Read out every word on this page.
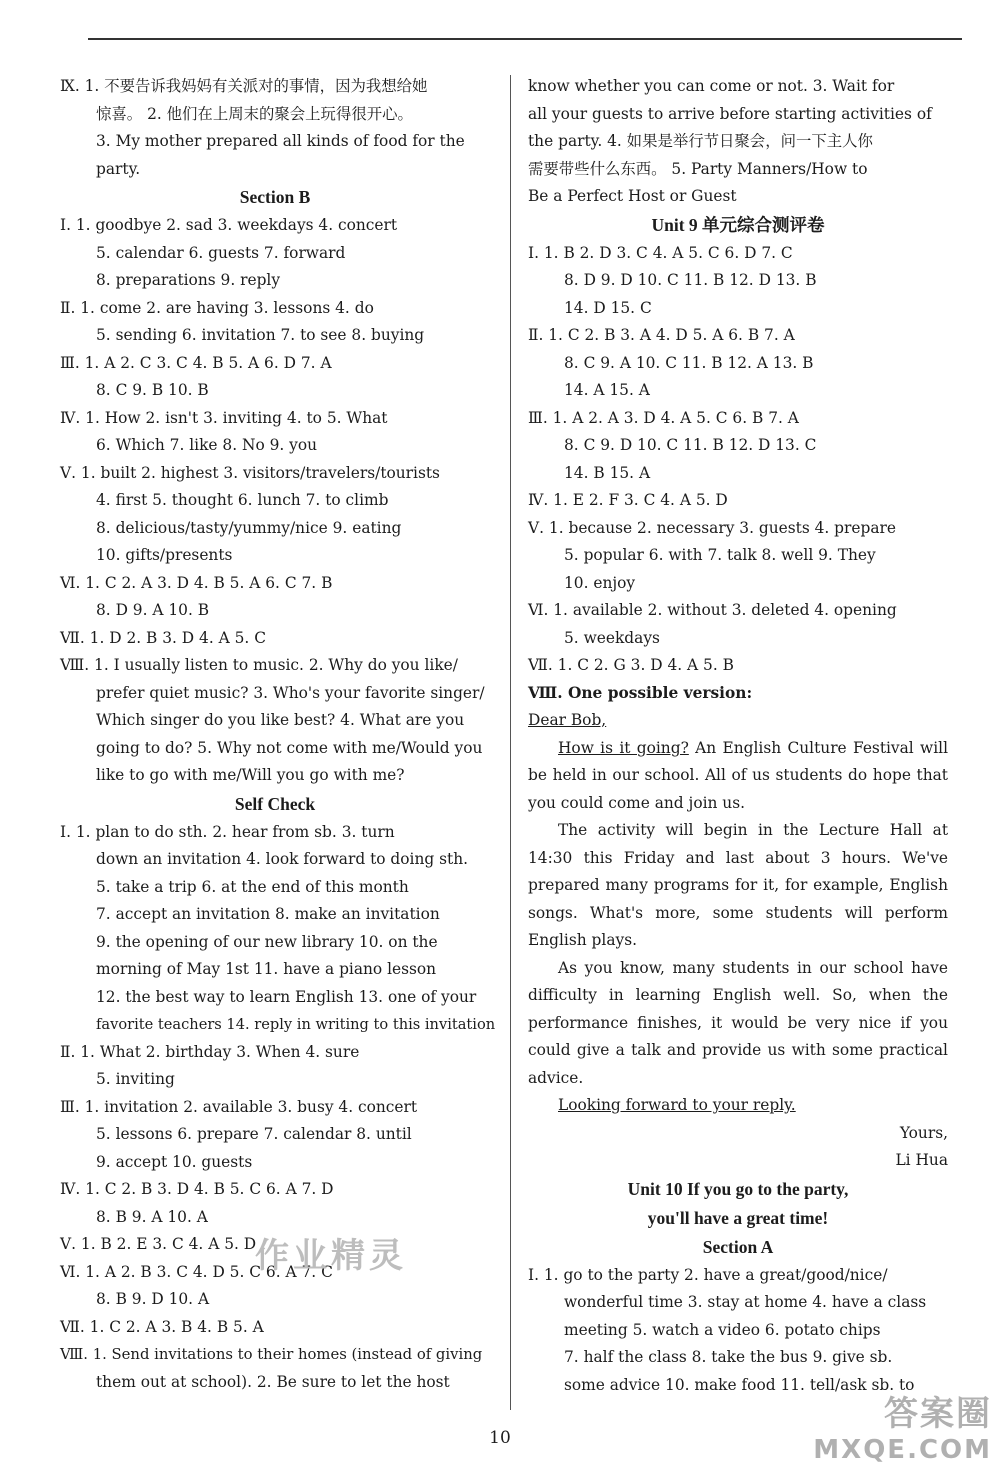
Ⅸ. 1. 不要告诉我妈妈有关派对的事情，因为我想给她
惊喜。 2. 他们在上周末的聚会上玩得很开心。
3. My mother prepared all kinds of food for the
party.
Section B
Ⅰ. 1. goodbye 2. sad 3. weekdays 4. concert
5. calendar 6. guests 7. forward
8. preparations 9. reply
Ⅱ. 1. come 2. are having 3. lessons 4. do
5. sending 6. invitation 7. to see 8. buying
Ⅲ. 1. A 2. C 3. C 4. B 5. A 6. D 7. A
8. C 9. B 10. B
Ⅳ. 1. How 2. isn't 3. inviting 4. to 5. What
6. Which 7. like 8. No 9. you
Ⅴ. 1. built 2. highest 3. visitors/travelers/tourists
4. first 5. thought 6. lunch 7. to climb
8. delicious/tasty/yummy/nice 9. eating
10. gifts/presents
Ⅵ. 1. C 2. A 3. D 4. B 5. A 6. C 7. B
8. D 9. A 10. B
Ⅶ. 1. D 2. B 3. D 4. A 5. C
Ⅷ. 1. I usually listen to music. 2. Why do you like/
prefer quiet music? 3. Who's your favorite singer/
Which singer do you like best? 4. What are you
going to do? 5. Why not come with me/Would you
like to go with me/Will you go with me?
Self Check
Ⅰ. 1. plan to do sth. 2. hear from sb. 3. turn
down an invitation 4. look forward to doing sth.
5. take a trip 6. at the end of this month
7. accept an invitation 8. make an invitation
9. the opening of our new library 10. on the
morning of May 1st 11. have a piano lesson
12. the best way to learn English 13. one of your
favorite teachers 14. reply in writing to this invitation
Ⅱ. 1. What 2. birthday 3. When 4. sure
5. inviting
Ⅲ. 1. invitation 2. available 3. busy 4. concert
5. lessons 6. prepare 7. calendar 8. until
9. accept 10. guests
Ⅳ. 1. C 2. B 3. D 4. B 5. C 6. A 7. D
8. B 9. A 10. A
Ⅴ. 1. B 2. E 3. C 4. A 5. D
Ⅵ. 1. A 2. B 3. C 4. D 5. C 6. A 7. C
8. B 9. D 10. A
Ⅶ. 1. C 2. A 3. B 4. B 5. A
Ⅷ. 1. Send invitations to their homes (instead of giving
them out at school). 2. Be sure to let the host
know whether you can come or not. 3. Wait for
all your guests to arrive before starting activities of
the party. 4. 如果是举行节日聚会，问一下主人你
需要带些什么东西。 5. Party Manners/How to
Be a Perfect Host or Guest
Unit 9 单元综合测评卷
Ⅰ. 1. B 2. D 3. C 4. A 5. C 6. D 7. C
8. D 9. D 10. C 11. B 12. D 13. B
14. D 15. C
Ⅱ. 1. C 2. B 3. A 4. D 5. A 6. B 7. A
8. C 9. A 10. C 11. B 12. A 13. B
14. A 15. A
Ⅲ. 1. A 2. A 3. D 4. A 5. C 6. B 7. A
8. C 9. D 10. C 11. B 12. D 13. C
14. B 15. A
Ⅳ. 1. E 2. F 3. C 4. A 5. D
Ⅴ. 1. because 2. necessary 3. guests 4. prepare
5. popular 6. with 7. talk 8. well 9. They
10. enjoy
Ⅵ. 1. available 2. without 3. deleted 4. opening
5. weekdays
Ⅶ. 1. C 2. G 3. D 4. A 5. B
Ⅷ. One possible version:
Dear Bob,
How is it going? An English Culture Festival will be held in our school. All of us students do hope that you could come and join us.
The activity will begin in the Lecture Hall at 14:30 this Friday and last about 3 hours. We've prepared many programs for it, for example, English songs. What's more, some students will perform English plays.
As you know, many students in our school have difficulty in learning English well. So, when the performance finishes, it would be very nice if you could give a talk and provide us with some practical advice.
Looking forward to your reply.
Yours,
Li Hua
Unit 10 If you go to the party,
you'll have a great time!
Section A
Ⅰ. 1. go to the party 2. have a great/good/nice/
wonderful time 3. stay at home 4. have a class
meeting 5. watch a video 6. potato chips
7. half the class 8. take the bus 9. give sb.
some advice 10. make food 11. tell/ask sb. to
作业精灵
10
答案圈
MXQE.COM
